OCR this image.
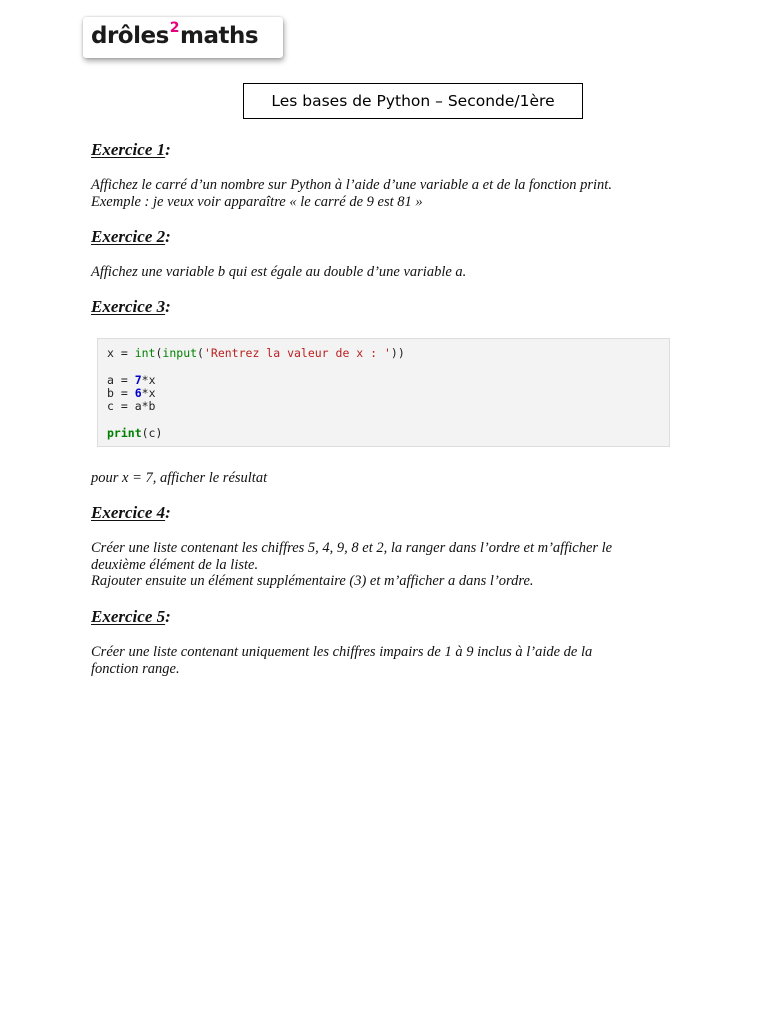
drôles$^2$maths
Les bases de Python – Seconde/1ère
Exercice 1:
Affichez le carré d’un nombre sur Python à l’aide d’une variable a et de la fonction print.
Exemple : je veux voir apparaître « le carré de 9 est 81 »
Exercice 2:
Affichez une variable b qui est égale au double d’une variable a.
Exercice 3:
x = int(input('Rentrez la valeur de x : '))
a = 7*x
b = 6*x
c = a*b
print(c)
pour x = 7, afficher le résultat
Exercice 4:
Créer une liste contenant les chiffres 5, 4, 9, 8 et 2, la ranger dans l’ordre et m’afficher le
deuxième élément de la liste.
Rajouter ensuite un élément supplémentaire (3) et m’afficher a dans l’ordre.
Exercice 5:
Créer une liste contenant uniquement les chiffres impairs de 1 à 9 inclus à l’aide de la
fonction range.
